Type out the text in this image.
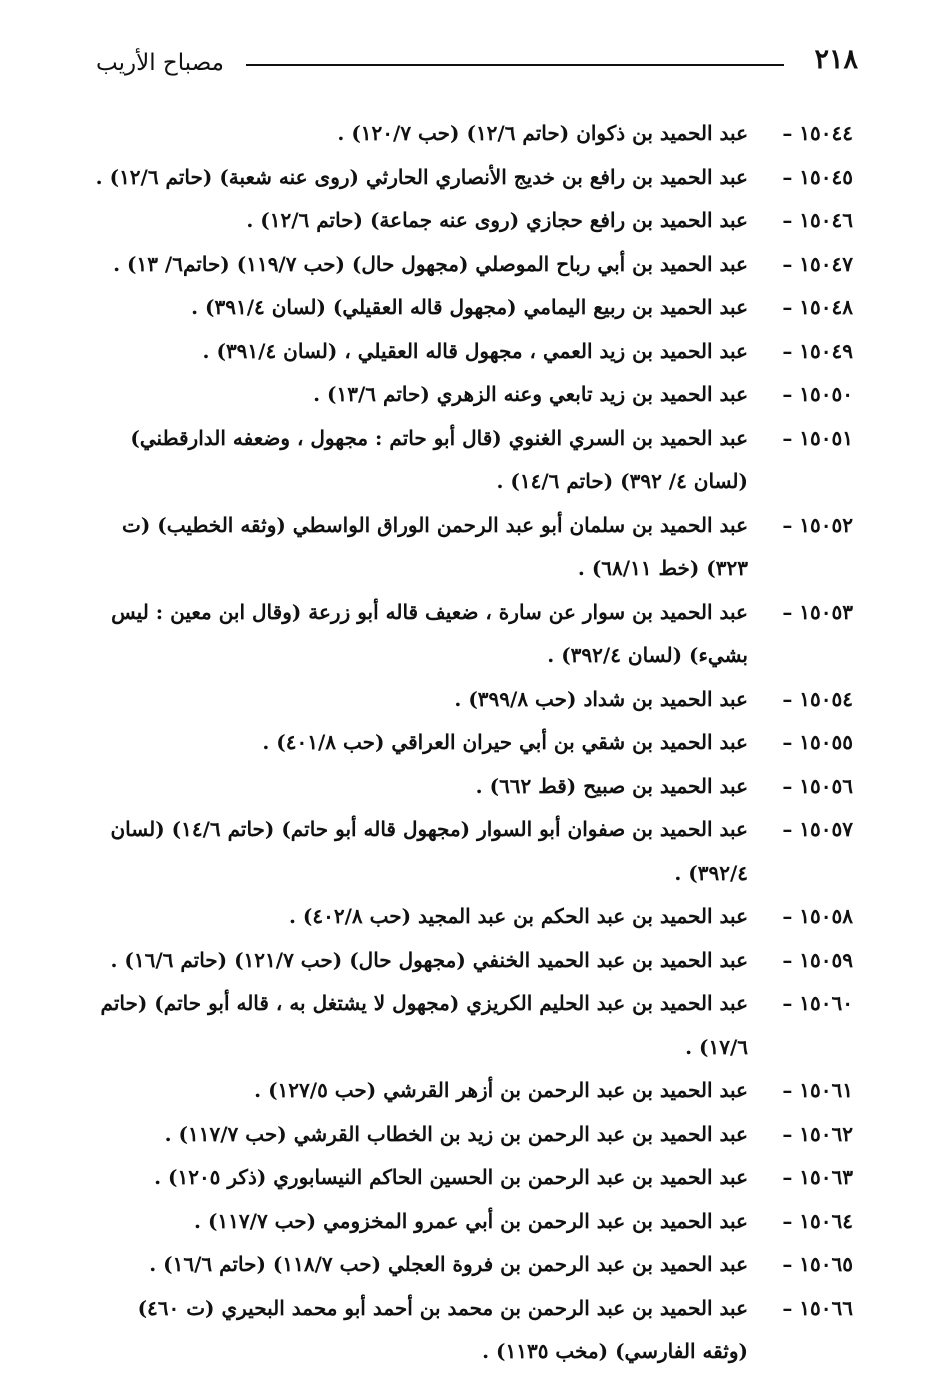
٢١٨
مصباح الأريب

١٥٠٤٤ –عبد الحميد بن ذكوان (حاتم ١٢/٦) (حب ١٢٠/٧) .

١٥٠٤٥ –عبد الحميد بن رافع بن خديج الأنصاري الحارثي (روى عنه شعبة) (حاتم ١٢/٦) .

١٥٠٤٦ –عبد الحميد بن رافع حجازي (روى عنه جماعة) (حاتم ١٢/٦) .

١٥٠٤٧ –عبد الحميد بن أبي رباح الموصلي (مجهول حال) (حب ١١٩/٧) (حاتم٦/ ١٣) .

١٥٠٤٨ –عبد الحميد بن ربيع اليمامي (مجهول قاله العقيلي) (لسان ٣٩١/٤) .

١٥٠٤٩ –عبد الحميد بن زيد العمي ، مجهول قاله العقيلي ، (لسان ٣٩١/٤) .

١٥٠٥٠ –عبد الحميد بن زيد تابعي وعنه الزهري (حاتم ١٣/٦) .

١٥٠٥١ –عبد الحميد بن السري الغنوي (قال أبو حاتم : مجهول ، وضعفه الدارقطني) (لسان ٤/ ٣٩٢) (حاتم ١٤/٦) .

١٥٠٥٢ –عبد الحميد بن سلمان أبو عبد الرحمن الوراق الواسطي (وثقه الخطيب) (ت ٣٢٣) (خط ٦٨/١١) .

١٥٠٥٣ –عبد الحميد بن سوار عن سارة ، ضعيف قاله أبو زرعة (وقال ابن معين : ليس بشيء) (لسان ٣٩٢/٤) .

١٥٠٥٤ –عبد الحميد بن شداد (حب ٣٩٩/٨) .

١٥٠٥٥ –عبد الحميد بن شقي بن أبي حيران العراقي (حب ٤٠١/٨) .

١٥٠٥٦ –عبد الحميد بن صبيح (قط ٦٦٢) .

١٥٠٥٧ –عبد الحميد بن صفوان أبو السوار (مجهول قاله أبو حاتم) (حاتم ١٤/٦) (لسان ٣٩٢/٤) .

١٥٠٥٨ –عبد الحميد بن عبد الحكم بن عبد المجيد (حب ٤٠٢/٨) .

١٥٠٥٩ –عبد الحميد بن عبد الحميد الخنفي (مجهول حال) (حب ١٢١/٧) (حاتم ١٦/٦) .

١٥٠٦٠ –عبد الحميد بن عبد الحليم الكريزي (مجهول لا يشتغل به ، قاله أبو حاتم) (حاتم ١٧/٦) .

١٥٠٦١ –عبد الحميد بن عبد الرحمن بن أزهر القرشي (حب ١٢٧/٥) .

١٥٠٦٢ –عبد الحميد بن عبد الرحمن بن زيد بن الخطاب القرشي (حب ١١٧/٧) .

١٥٠٦٣ –عبد الحميد بن عبد الرحمن بن الحسين الحاكم النيسابوري (ذكر ١٢٠٥) .

١٥٠٦٤ –عبد الحميد بن عبد الرحمن بن أبي عمرو المخزومي (حب ١١٧/٧) .

١٥٠٦٥ –عبد الحميد بن عبد الرحمن بن فروة العجلي (حب ١١٨/٧) (حاتم ١٦/٦) .

١٥٠٦٦ –عبد الحميد بن عبد الرحمن بن محمد بن أحمد أبو محمد البحيري (ت ٤٦٠) (وثقه الفارسي) (مخب ١١٣٥) .
